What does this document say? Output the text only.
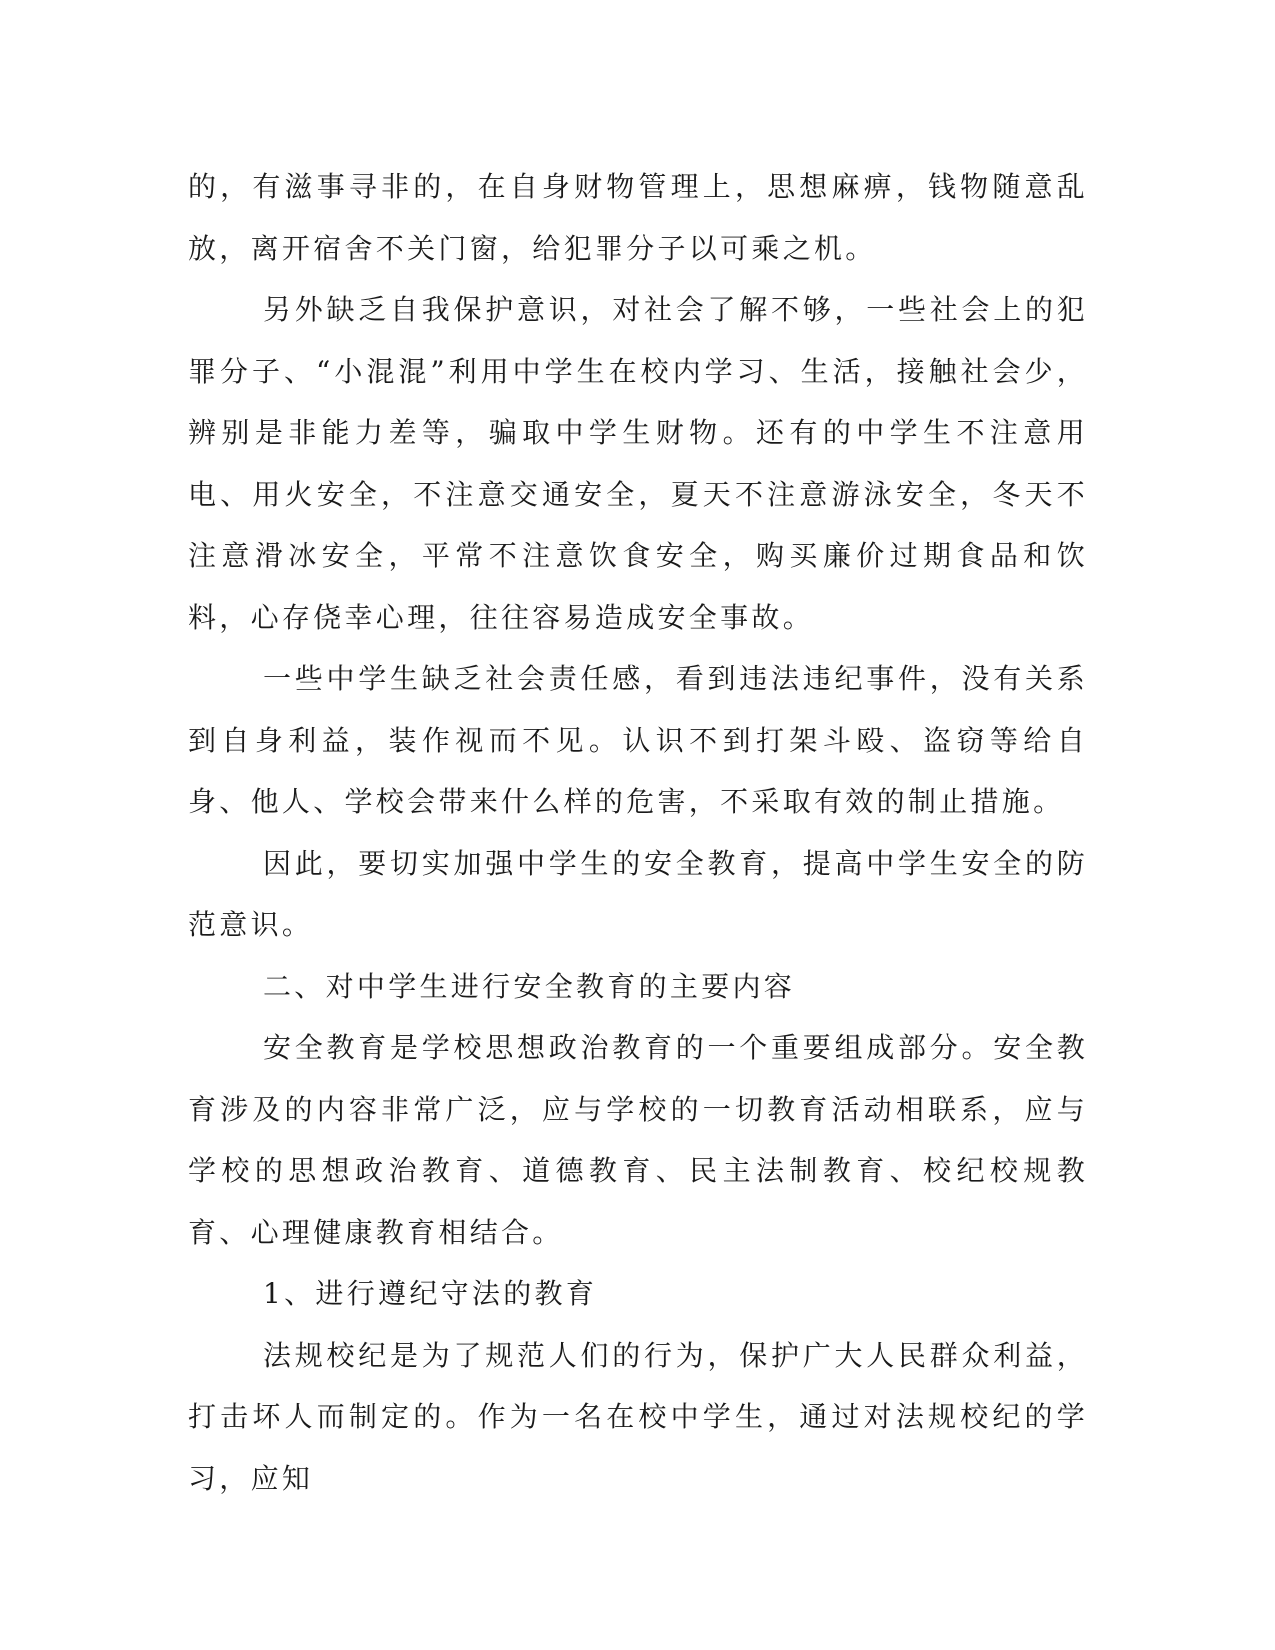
的，有滋事寻非的，在自身财物管理上，思想麻痹，钱物随意乱放，离开宿舍不关门窗，给犯罪分子以可乘之机。

另外缺乏自我保护意识，对社会了解不够，一些社会上的犯罪分子、“小混混”利用中学生在校内学习、生活，接触社会少，辨别是非能力差等，骗取中学生财物。还有的中学生不注意用电、用火安全，不注意交通安全，夏天不注意游泳安全，冬天不注意滑冰安全，平常不注意饮食安全，购买廉价过期食品和饮料，心存侥幸心理，往往容易造成安全事故。

一些中学生缺乏社会责任感，看到违法违纪事件，没有关系到自身利益，装作视而不见。认识不到打架斗殴、盗窃等给自身、他人、学校会带来什么样的危害，不采取有效的制止措施。

因此，要切实加强中学生的安全教育，提高中学生安全的防范意识。

二、对中学生进行安全教育的主要内容

安全教育是学校思想政治教育的一个重要组成部分。安全教育涉及的内容非常广泛，应与学校的一切教育活动相联系，应与学校的思想政治教育、道德教育、民主法制教育、校纪校规教育、心理健康教育相结合。

1、进行遵纪守法的教育

法规校纪是为了规范人们的行为，保护广大人民群众利益，打击坏人而制定的。作为一名在校中学生，通过对法规校纪的学习，应知
